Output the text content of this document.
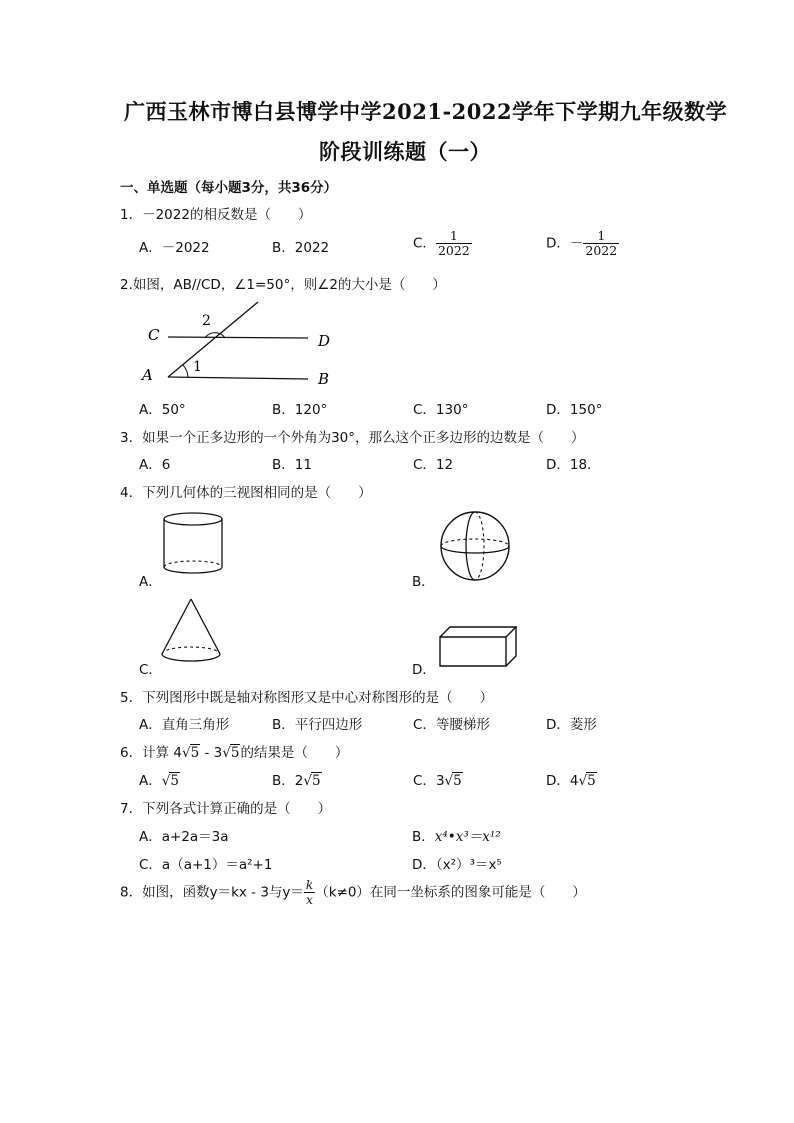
广西玉林市博白县博学中学2021-2022学年下学期九年级数学
阶段训练题（一）
一、单选题（每小题3分，共36分）
1．－2022的相反数是（　　）
A．－2022	B．2022	C． $\frac{1}{2022}$	D．－ $\frac{1}{2022}$
2.如图，AB//CD，∠1=50°，则∠2的大小是（　　）
C	D
A	B
1
2
A．50°	B．120°	C．130°	D．150°
3．如果一个正多边形的一个外角为30°，那么这个正多边形的边数是（　　）
A．6	B．11	C．12	D．18．
4．下列几何体的三视图相同的是（　　）
A．	B．
C．	D．
5．下列图形中既是轴对称图形又是中心对称图形的是（　　）
A．直角三角形	B．平行四边形	C．等腰梯形	D．菱形
6．计算 4√5 - 3√5的结果是（　　）
A．√5	B．2√5	C．3√5	D．4√5
7．下列各式计算正确的是（　　）
A．a+2a＝3a	B．x⁴•x³＝x¹²
C．a（a+1）＝a²+1	D．（x²）³＝x⁵
8．如图，函数y＝kx - 3与$y= \frac{k}{x} (k\ne 0)$在同一坐标系的图象可能是（　　）
